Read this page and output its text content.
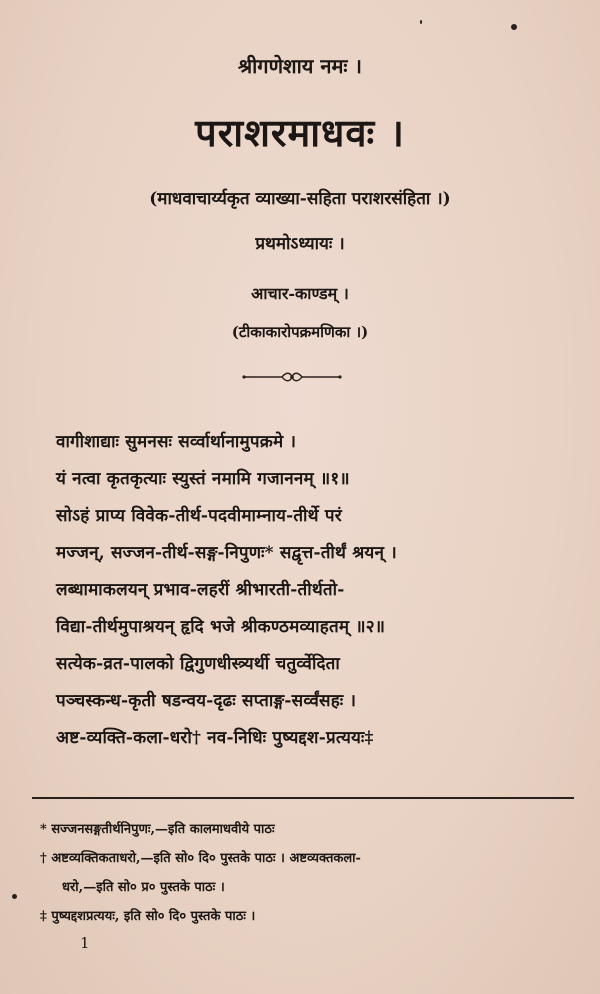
श्रीगणेशाय नमः ।
पराशरमाधवः ।
(माधवाचार्य्यकृत व्याख्या-सहिता पराशरसंहिता ।)
प्रथमोऽध्यायः ।
आचार-काण्डम् ।
(टीकाकारोपक्रमणिका ।)
वागीशाद्याः सुमनसः सर्व्वार्थानामुपक्रमे ।
यं नत्वा कृतकृत्याः स्युस्तं नमामि गजाननम् ॥१॥
सोऽहं प्राप्य विवेक-तीर्थ-पदवीमाम्नाय-तीर्थे परं
मज्जन्, सज्जन-तीर्थ-सङ्ग-निपुणः* सद्वृत्त-तीर्थं श्रयन् ।
लब्धामाकलयन् प्रभाव-लहरीं श्रीभारती-तीर्थतो-
विद्या-तीर्थमुपाश्रयन् हृदि भजे श्रीकण्ठमव्याहतम् ॥२॥
सत्येक-व्रत-पालको द्विगुणधीस्त्र्यर्थी चतुर्व्वेदिता
पञ्चस्कन्ध-कृती षडन्वय-दृढः सप्ताङ्ग-सर्व्वंसहः ।
अष्ट-व्यक्ति-कला-धरो† नव-निधिः पुष्यद्दश-प्रत्ययः‡
* सज्जनसङ्गतीर्थनिपुणः,—इति कालमाधवीये पाठः
† अष्टव्यक्तिकताधरो,—इति सो० दि० पुस्तके पाठः । अष्टव्यक्तकला-
धरो,—इति सो० प्र० पुस्तके पाठः ।
‡ पुष्यद्दशप्रत्ययः, इति सो० दि० पुस्तके पाठः ।
1
